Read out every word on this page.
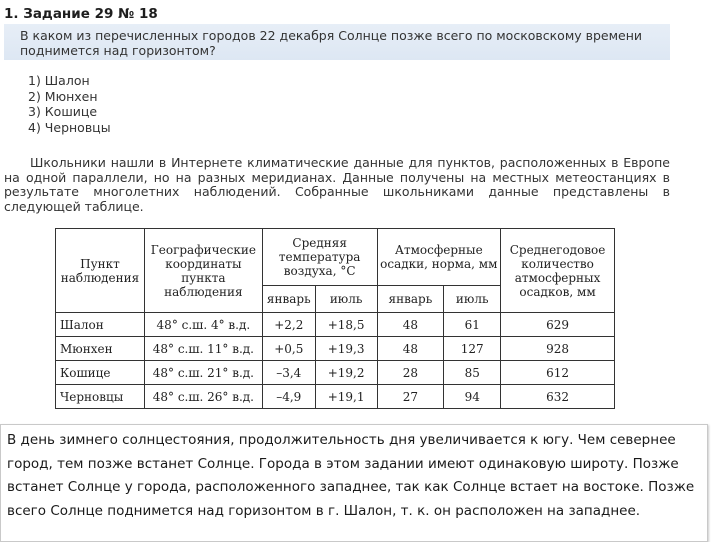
1. Задание 29 № 18
В каком из перечисленных городов 22 декабря Солнце позже всего по московскому времени поднимется над горизонтом?
1) Шалон
2) Мюнхен
3) Кошице
4) Черновцы

Школьники нашли в Интернете климатические данные для пунктов, расположенных в Европе на одной параллели, но на разных меридианах. Данные получены на местных метеостанциях в результате многолетних наблюдений. Собранные школьниками данные представлены в следующей таблице.

Пункт наблюдения	Географические координаты пункта наблюдения	Средняя температура воздуха, °С		Атмосферные осадки, норма, мм		Среднегодовое количество атмосферных осадков, мм
		январь	июль	январь	июль	
Шалон	48° с.ш. 4° в.д.	+2,2	+18,5	48	61	629
Мюнхен	48° с.ш. 11° в.д.	+0,5	+19,3	48	127	928
Кошице	48° с.ш. 21° в.д.	–3,4	+19,2	28	85	612
Черновцы	48° с.ш. 26° в.д.	–4,9	+19,1	27	94	632
В день зимнего солнцестояния, продолжительность дня увеличивается к югу. Чем севернее город, тем позже встанет Солнце. Города в этом задании имеют одинаковую широту. Позже встанет Солнце у города, расположенного западнее, так как Солнце встает на востоке. Позже всего Солнце поднимется над горизонтом в г. Шалон, т. к. он расположен на западнее.
